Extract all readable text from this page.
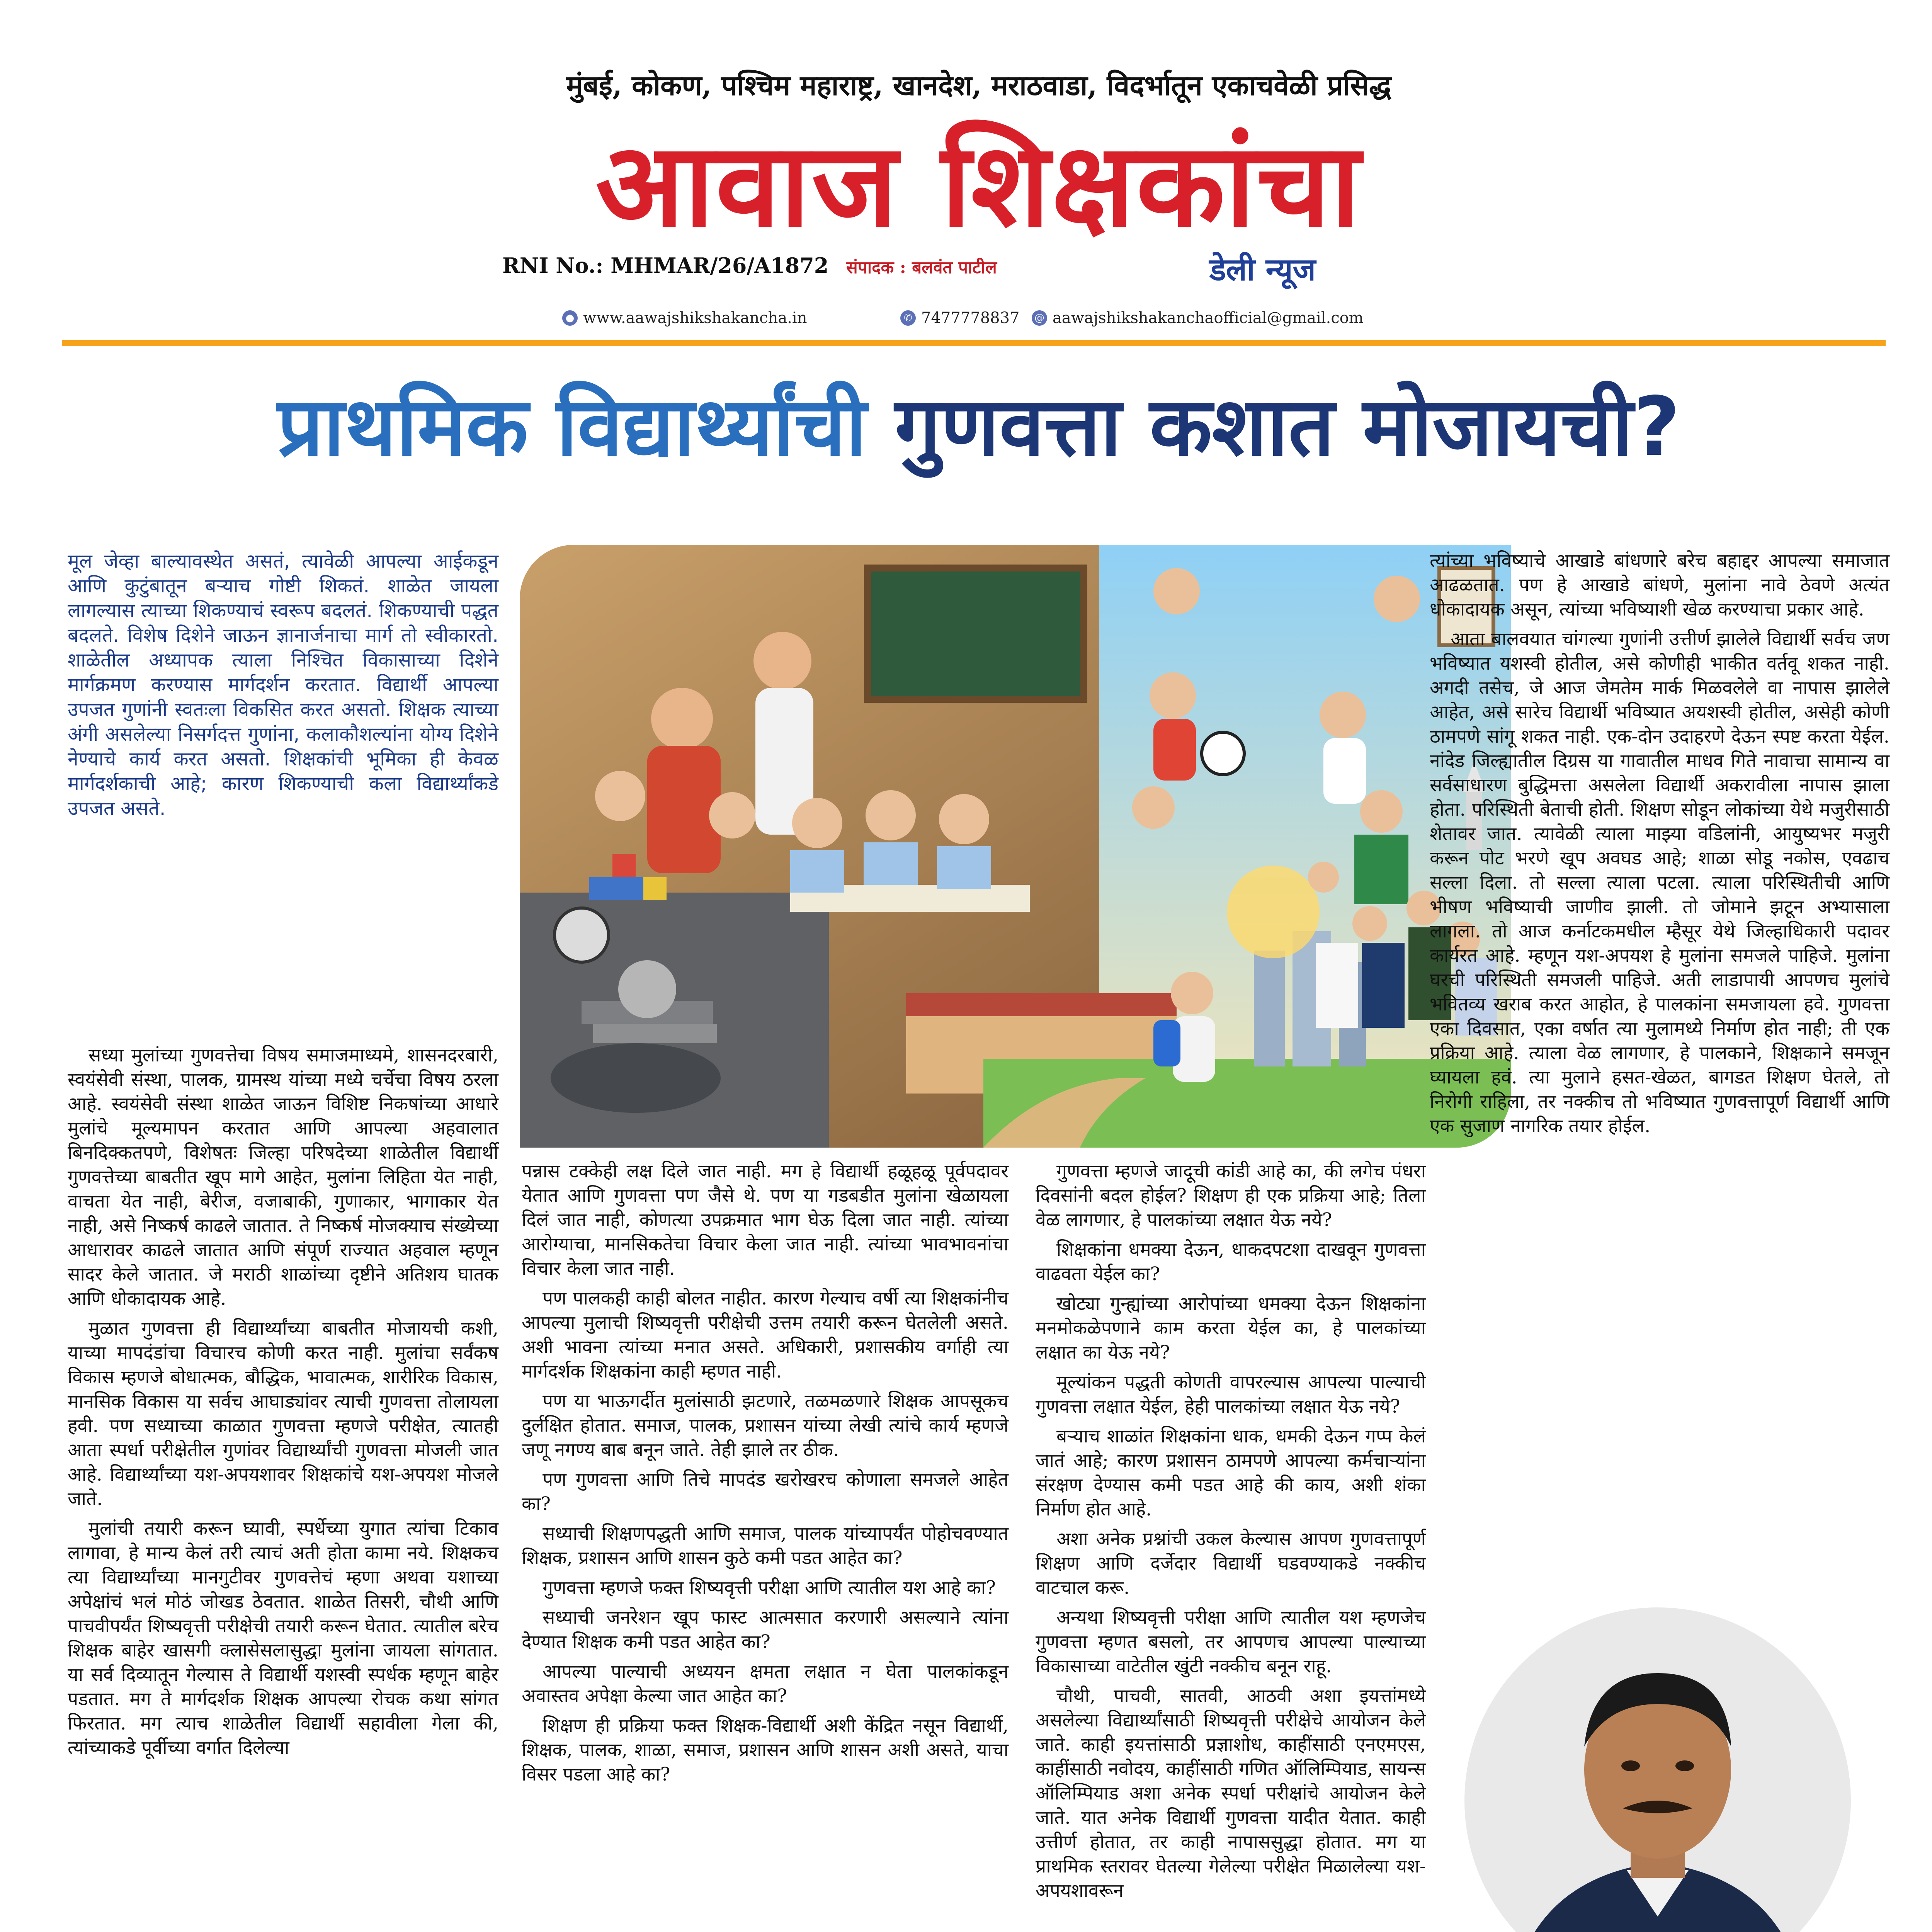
मुंबई, कोकण, पश्चिम महाराष्ट्र, खानदेश, मराठवाडा, विदर्भातून एकाचवेळी प्रसिद्ध
आवाज शिक्षकांचा
RNI No.: MHMAR/26/A1872 संपादक : बलवंत पाटील	डेली न्यूज
● www.aawajshikshakancha.in	✆ 7477778837 @ aawajshikshakanchaofficial@gmail.com
प्राथमिक विद्यार्थ्यांची गुणवत्ता कशात मोजायची?
मूल जेव्हा बाल्यावस्थेत असतं, त्यावेळी आपल्या आईकडून आणि कुटुंबातून बऱ्याच गोष्टी शिकतं. शाळेत जायला लागल्यास त्याच्या शिकण्याचं स्वरूप बदलतं. शिकण्याची पद्धत बदलते. विशेष दिशेने जाऊन ज्ञानार्जनाचा मार्ग तो स्वीकारतो. शाळेतील अध्यापक त्याला निश्चित विकासाच्या दिशेने मार्गक्रमण करण्यास मार्गदर्शन करतात. विद्यार्थी आपल्या उपजत गुणांनी स्वतःला विकसित करत असतो. शिक्षक त्याच्या अंगी असलेल्या निसर्गदत्त गुणांना, कलाकौशल्यांना योग्य दिशेने नेण्याचे कार्य करत असतो. शिक्षकांची भूमिका ही केवळ मार्गदर्शकाची आहे; कारण शिकण्याची कला विद्यार्थ्यांकडे उपजत असते.

सध्या मुलांच्या गुणवत्तेचा विषय समाजमाध्यमे, शासनदरबारी, स्वयंसेवी संस्था, पालक, ग्रामस्थ यांच्या मध्ये चर्चेचा विषय ठरला आहे. स्वयंसेवी संस्था शाळेत जाऊन विशिष्ट निकषांच्या आधारे मुलांचे मूल्यमापन करतात आणि आपल्या अहवालात बिनदिक्कतपणे, विशेषतः जिल्हा परिषदेच्या शाळेतील विद्यार्थी गुणवत्तेच्या बाबतीत खूप मागे आहेत, मुलांना लिहिता येत नाही, वाचता येत नाही, बेरीज, वजाबाकी, गुणाकार, भागाकार येत नाही, असे निष्कर्ष काढले जातात. ते निष्कर्ष मोजक्याच संख्येच्या आधारावर काढले जातात आणि संपूर्ण राज्यात अहवाल म्हणून सादर केले जातात. जे मराठी शाळांच्या दृष्टीने अतिशय घातक आणि धोकादायक आहे.

मुळात गुणवत्ता ही विद्यार्थ्यांच्या बाबतीत मोजायची कशी, याच्या मापदंडांचा विचारच कोणी करत नाही. मुलांचा सर्वंकष विकास म्हणजे बोधात्मक, बौद्धिक, भावात्मक, शारीरिक विकास, मानसिक विकास या सर्वच आघाड्यांवर त्याची गुणवत्ता तोलायला हवी. पण सध्याच्या काळात गुणवत्ता म्हणजे परीक्षेत, त्यातही आता स्पर्धा परीक्षेतील गुणांवर विद्यार्थ्यांची गुणवत्ता मोजली जात आहे. विद्यार्थ्यांच्या यश-अपयशावर शिक्षकांचे यश-अपयश मोजले जाते.

मुलांची तयारी करून घ्यावी, स्पर्धेच्या युगात त्यांचा टिकाव लागावा, हे मान्य केलं तरी त्याचं अती होता कामा नये. शिक्षकच त्या विद्यार्थ्यांच्या मानगुटीवर गुणवत्तेचं म्हणा अथवा यशाच्या अपेक्षांचं भलं मोठं जोखड ठेवतात. शाळेत तिसरी, चौथी आणि पाचवीपर्यंत शिष्यवृत्ती परीक्षेची तयारी करून घेतात. त्यातील बरेच शिक्षक बाहेर खासगी क्लासेसलासुद्धा मुलांना जायला सांगतात. या सर्व दिव्यातून गेल्यास ते विद्यार्थी यशस्वी स्पर्धक म्हणून बाहेर पडतात. मग ते मार्गदर्शक शिक्षक आपल्या रोचक कथा सांगत फिरतात. मग त्याच शाळेतील विद्यार्थी सहावीला गेला की, त्यांच्याकडे पूर्वीच्या वर्गात दिलेल्या

पन्नास टक्केही लक्ष दिले जात नाही. मग हे विद्यार्थी हळूहळू पूर्वपदावर येतात आणि गुणवत्ता पण जैसे थे. पण या गडबडीत मुलांना खेळायला दिलं जात नाही, कोणत्या उपक्रमात भाग घेऊ दिला जात नाही. त्यांच्या आरोग्याचा, मानसिकतेचा विचार केला जात नाही. त्यांच्या भावभावनांचा विचार केला जात नाही.

पण पालकही काही बोलत नाहीत. कारण गेल्याच वर्षी त्या शिक्षकांनीच आपल्या मुलाची शिष्यवृत्ती परीक्षेची उत्तम तयारी करून घेतलेली असते. अशी भावना त्यांच्या मनात असते. अधिकारी, प्रशासकीय वर्गाही त्या मार्गदर्शक शिक्षकांना काही म्हणत नाही.

पण या भाऊगर्दीत मुलांसाठी झटणारे, तळमळणारे शिक्षक आपसूकच दुर्लक्षित होतात. समाज, पालक, प्रशासन यांच्या लेखी त्यांचे कार्य म्हणजे जणू नगण्य बाब बनून जाते. तेही झाले तर ठीक.

पण गुणवत्ता आणि तिचे मापदंड खरोखरच कोणाला समजले आहेत का?

सध्याची शिक्षणपद्धती आणि समाज, पालक यांच्यापर्यंत पोहोचवण्यात शिक्षक, प्रशासन आणि शासन कुठे कमी पडत आहेत का?

गुणवत्ता म्हणजे फक्त शिष्यवृत्ती परीक्षा आणि त्यातील यश आहे का?

सध्याची जनरेशन खूप फास्ट आत्मसात करणारी असल्याने त्यांना देण्यात शिक्षक कमी पडत आहेत का?

आपल्या पाल्याची अध्ययन क्षमता लक्षात न घेता पालकांकडून अवास्तव अपेक्षा केल्या जात आहेत का?

शिक्षण ही प्रक्रिया फक्त शिक्षक-विद्यार्थी अशी केंद्रित नसून विद्यार्थी, शिक्षक, पालक, शाळा, समाज, प्रशासन आणि शासन अशी असते, याचा विसर पडला आहे का?

गुणवत्ता म्हणजे जादूची कांडी आहे का, की लगेच पंधरा दिवसांनी बदल होईल? शिक्षण ही एक प्रक्रिया आहे; तिला वेळ लागणार, हे पालकांच्या लक्षात येऊ नये?

शिक्षकांना धमक्या देऊन, धाकदपटशा दाखवून गुणवत्ता वाढवता येईल का?

खोट्या गुन्ह्यांच्या आरोपांच्या धमक्या देऊन शिक्षकांना मनमोकळेपणाने काम करता येईल का, हे पालकांच्या लक्षात का येऊ नये?

मूल्यांकन पद्धती कोणती वापरल्यास आपल्या पाल्याची गुणवत्ता लक्षात येईल, हेही पालकांच्या लक्षात येऊ नये?

बऱ्याच शाळांत शिक्षकांना धाक, धमकी देऊन गप्प केलं जातं आहे; कारण प्रशासन ठामपणे आपल्या कर्मचाऱ्यांना संरक्षण देण्यास कमी पडत आहे की काय, अशी शंका निर्माण होत आहे.

अशा अनेक प्रश्नांची उकल केल्यास आपण गुणवत्तापूर्ण शिक्षण आणि दर्जेदार विद्यार्थी घडवण्याकडे नक्कीच वाटचाल करू.

अन्यथा शिष्यवृत्ती परीक्षा आणि त्यातील यश म्हणजेच गुणवत्ता म्हणत बसलो, तर आपणच आपल्या पाल्याच्या विकासाच्या वाटेतील खुंटी नक्कीच बनून राहू.

चौथी, पाचवी, सातवी, आठवी अशा इयत्तांमध्ये असलेल्या विद्यार्थ्यांसाठी शिष्यवृत्ती परीक्षेचे आयोजन केले जाते. काही इयत्तांसाठी प्रज्ञाशोध, काहींसाठी एनएमएस, काहींसाठी नवोदय, काहींसाठी गणित ऑलिम्पियाड, सायन्स ऑलिम्पियाड अशा अनेक स्पर्धा परीक्षांचे आयोजन केले जाते. यात अनेक विद्यार्थी गुणवत्ता यादीत येतात. काही उत्तीर्ण होतात, तर काही नापाससुद्धा होतात. मग या प्राथमिक स्तरावर घेतल्या गेलेल्या परीक्षेत मिळालेल्या यश-अपयशावरून

त्यांच्या भविष्याचे आखाडे बांधणारे बरेच बहाद्दर आपल्या समाजात आढळतात. पण हे आखाडे बांधणे, मुलांना नावे ठेवणे अत्यंत धोकादायक असून, त्यांच्या भविष्याशी खेळ करण्याचा प्रकार आहे.

आता बालवयात चांगल्या गुणांनी उत्तीर्ण झालेले विद्यार्थी सर्वच जण भविष्यात यशस्वी होतील, असे कोणीही भाकीत वर्तवू शकत नाही. अगदी तसेच, जे आज जेमतेम मार्क मिळवलेले वा नापास झालेले आहेत, असे सारेच विद्यार्थी भविष्यात अयशस्वी होतील, असेही कोणी ठामपणे सांगू शकत नाही. एक-दोन उदाहरणे देऊन स्पष्ट करता येईल. नांदेड जिल्ह्यातील दिग्रस या गावातील माधव गिते नावाचा सामान्य वा सर्वसाधारण बुद्धिमत्ता असलेला विद्यार्थी अकरावीला नापास झाला होता. परिस्थिती बेताची होती. शिक्षण सोडून लोकांच्या येथे मजुरीसाठी शेतावर जात. त्यावेळी त्याला माझ्या वडिलांनी, आयुष्यभर मजुरी करून पोट भरणे खूप अवघड आहे; शाळा सोडू नकोस, एवढाच सल्ला दिला. तो सल्ला त्याला पटला. त्याला परिस्थितीची आणि भीषण भविष्याची जाणीव झाली. तो जोमाने झटून अभ्यासाला लागला. तो आज कर्नाटकमधील म्हैसूर येथे जिल्हाधिकारी पदावर कार्यरत आहे. म्हणून यश-अपयश हे मुलांना समजले पाहिजे. मुलांना घरची परिस्थिती समजली पाहिजे. अती लाडापायी आपणच मुलांचे भवितव्य खराब करत आहोत, हे पालकांना समजायला हवे. गुणवत्ता एका दिवसात, एका वर्षात त्या मुलामध्ये निर्माण होत नाही; ती एक प्रक्रिया आहे. त्याला वेळ लागणार, हे पालकाने, शिक्षकाने समजून घ्यायला हवं. त्या मुलाने हसत-खेळत, बागडत शिक्षण घेतले, तो निरोगी राहिला, तर नक्कीच तो भविष्यात गुणवत्तापूर्ण विद्यार्थी आणि एक सुजाण नागरिक तयार होईल.
